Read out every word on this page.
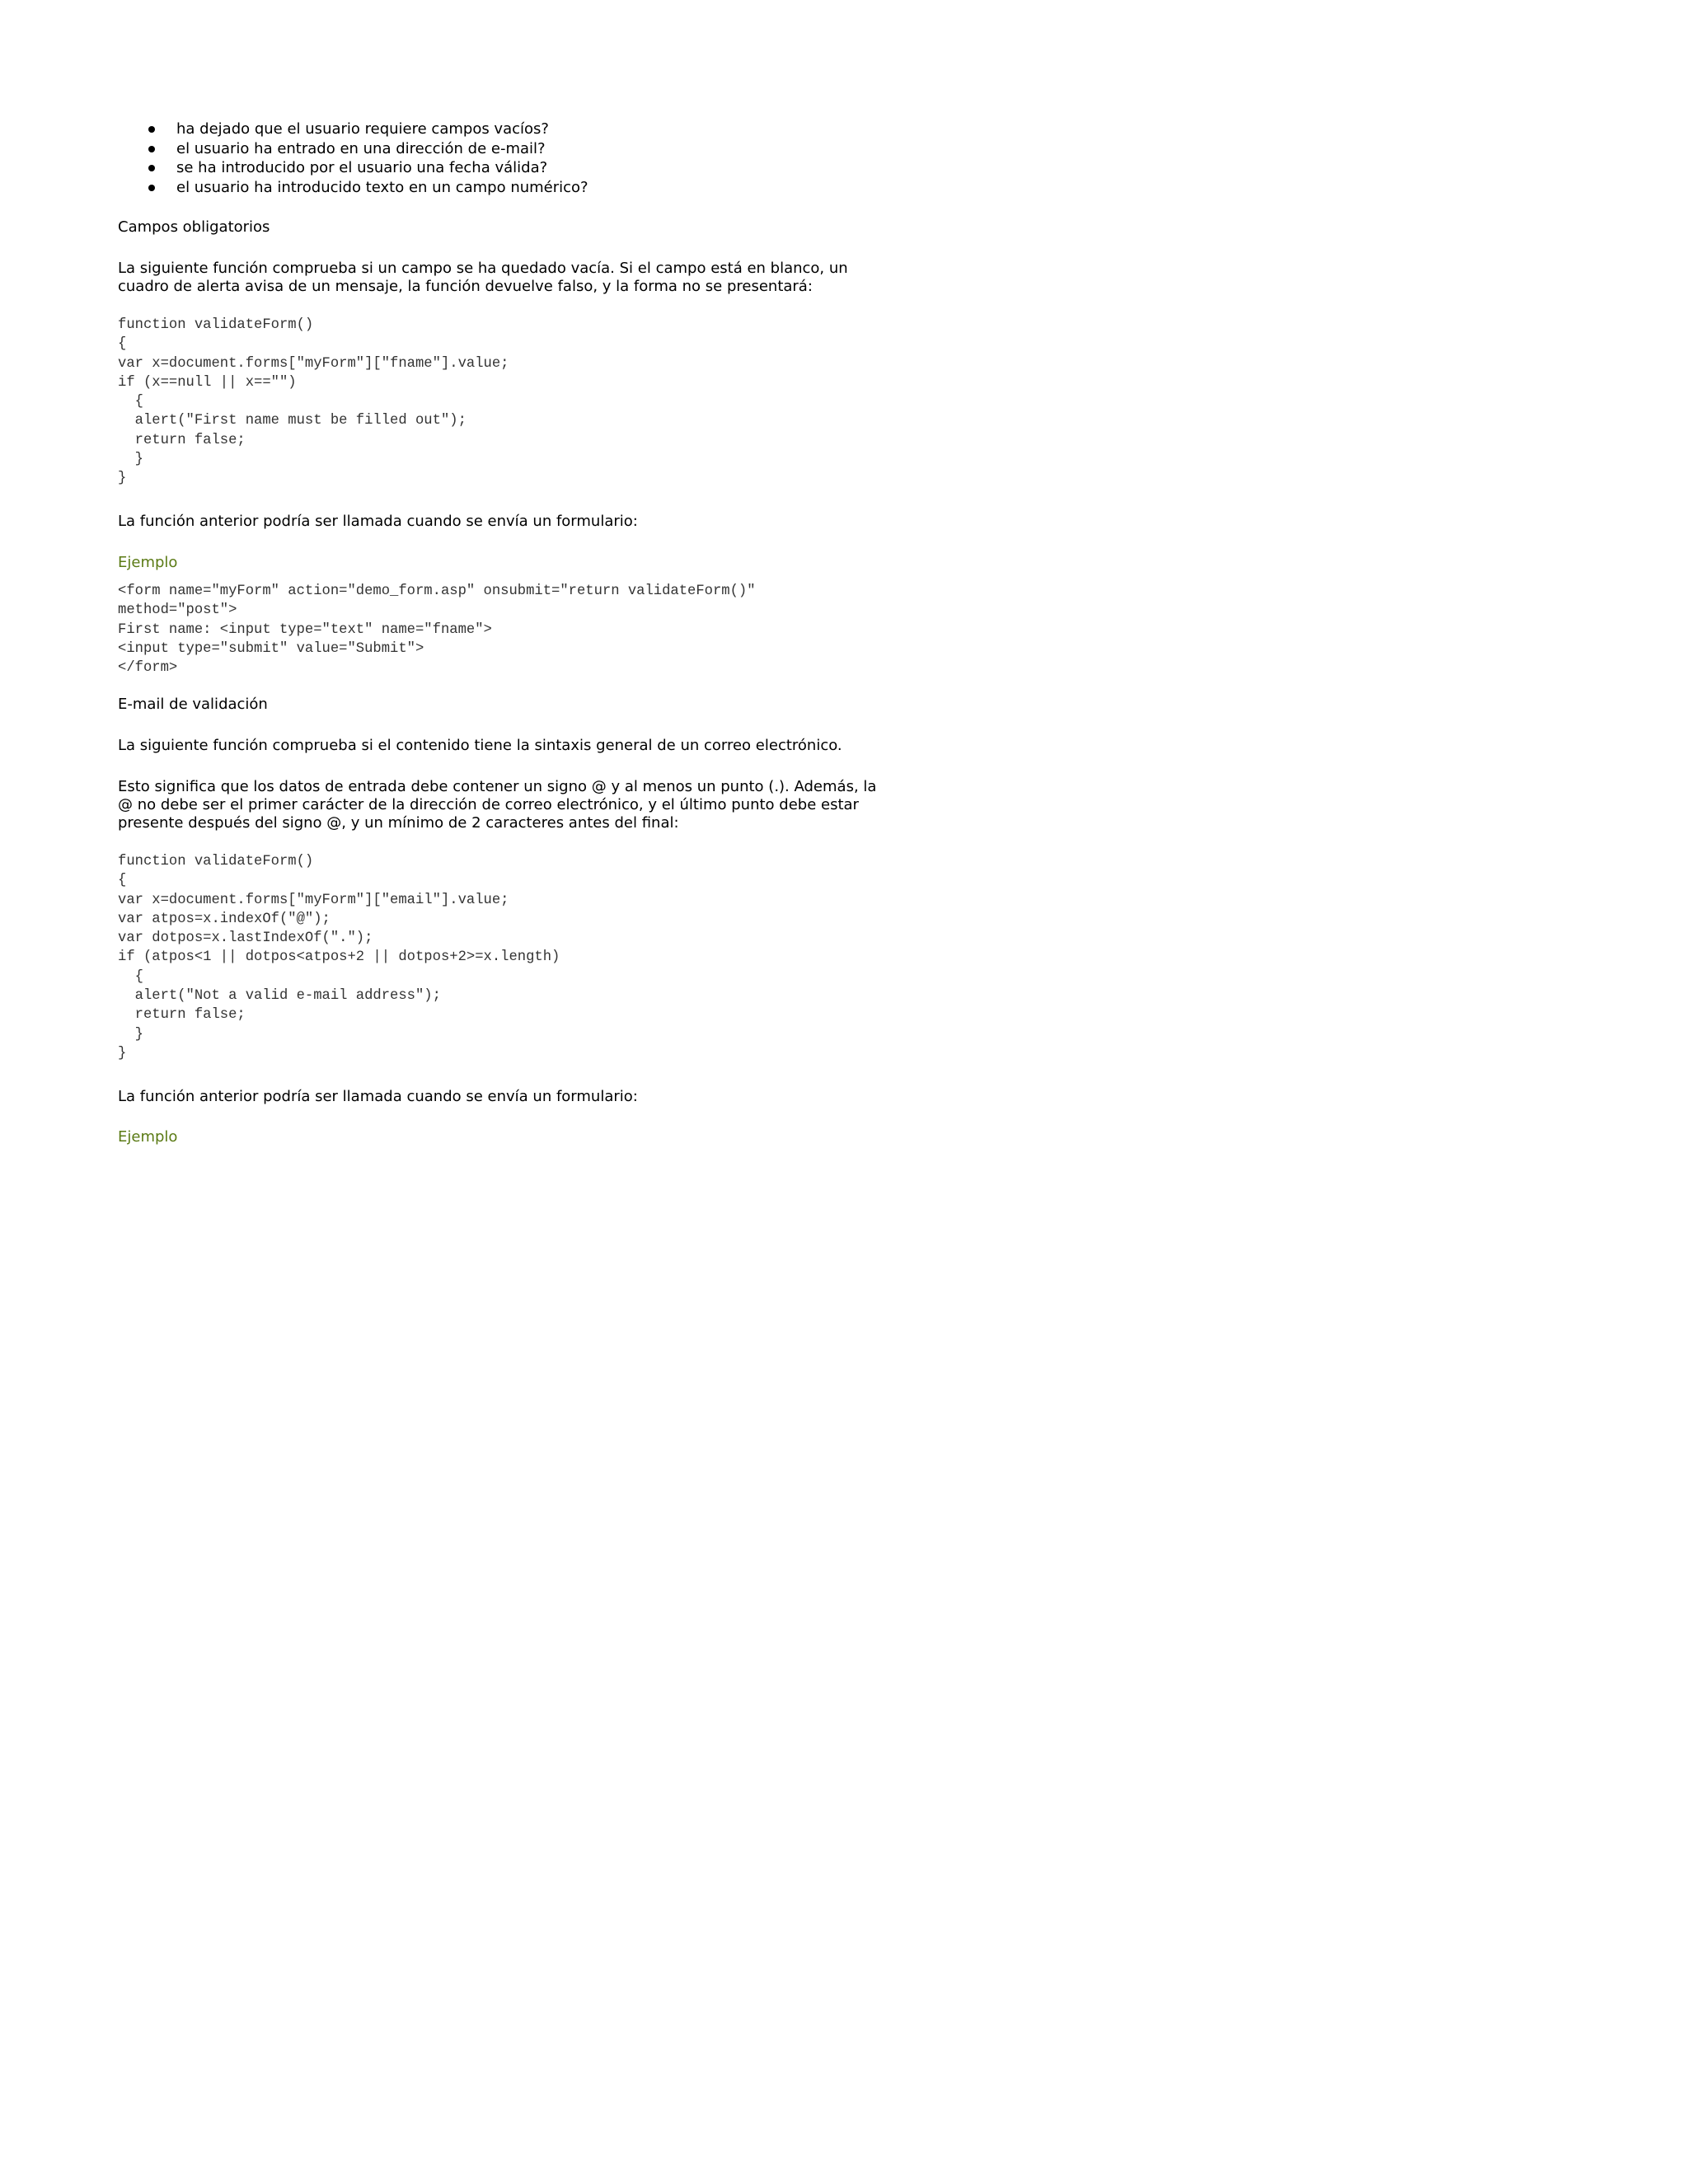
ha dejado que el usuario requiere campos vacíos?
el usuario ha entrado en una dirección de e-mail?
se ha introducido por el usuario una fecha válida?
el usuario ha introducido texto en un campo numérico?
Campos obligatorios
La siguiente función comprueba si un campo se ha quedado vacía. Si el campo está en blanco, un
cuadro de alerta avisa de un mensaje, la función devuelve falso, y la forma no se presentará:
function validateForm()
{
var x=document.forms["myForm"]["fname"].value;
if (x==null || x=="")
{
alert("First name must be filled out");
return false;
}
}
La función anterior podría ser llamada cuando se envía un formulario:
Ejemplo
<form name="myForm" action="demo_form.asp" onsubmit="return validateForm()"
method="post">
First name: <input type="text" name="fname">
<input type="submit" value="Submit">
</form>
E-mail de validación
La siguiente función comprueba si el contenido tiene la sintaxis general de un correo electrónico.
Esto significa que los datos de entrada debe contener un signo @ y al menos un punto (.). Además, la
@ no debe ser el primer carácter de la dirección de correo electrónico, y el último punto debe estar
presente después del signo @, y un mínimo de 2 caracteres antes del final:
function validateForm()
{
var x=document.forms["myForm"]["email"].value;
var atpos=x.indexOf("@");
var dotpos=x.lastIndexOf(".");
if (atpos<1 || dotpos<atpos+2 || dotpos+2>=x.length)
{
alert("Not a valid e-mail address");
return false;
}
}
La función anterior podría ser llamada cuando se envía un formulario:
Ejemplo
